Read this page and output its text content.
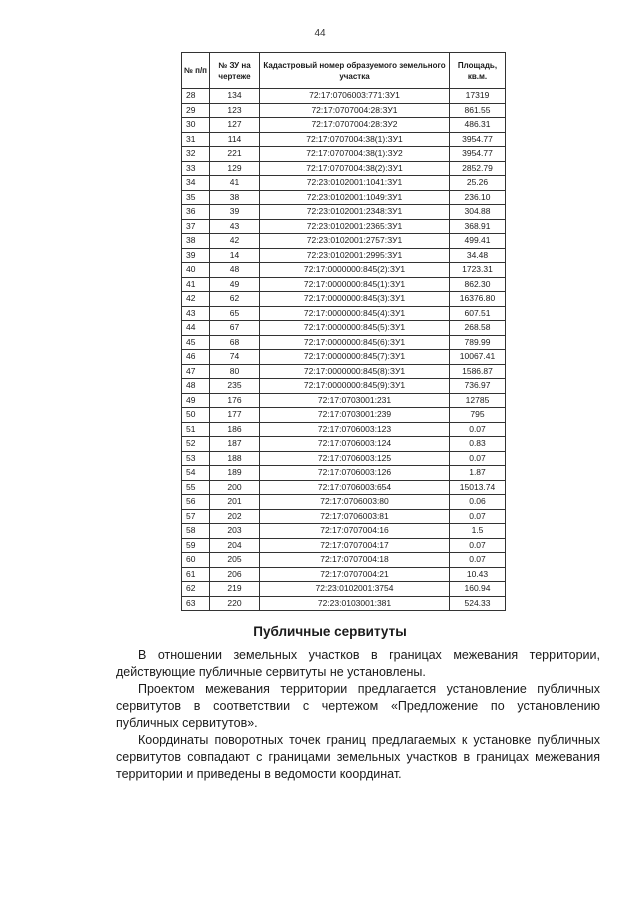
44
№ п/п	№ ЗУ на чертеже	Кадастровый номер образуемого земельного участка	Площадь, кв.м.
28	134	72:17:0706003:771:ЗУ1	17319
29	123	72:17:0707004:28:ЗУ1	861.55
30	127	72:17:0707004:28:ЗУ2	486.31
31	114	72:17:0707004:38(1):ЗУ1	3954.77
32	221	72:17:0707004:38(1):ЗУ2	3954.77
33	129	72:17:0707004:38(2):ЗУ1	2852.79
34	41	72:23:0102001:1041:ЗУ1	25.26
35	38	72:23:0102001:1049:ЗУ1	236.10
36	39	72:23:0102001:2348:ЗУ1	304.88
37	43	72:23:0102001:2365:ЗУ1	368.91
38	42	72:23:0102001:2757:ЗУ1	499.41
39	14	72:23:0102001:2995:ЗУ1	34.48
40	48	72:17:0000000:845(2):ЗУ1	1723.31
41	49	72:17:0000000:845(1):ЗУ1	862.30
42	62	72:17:0000000:845(3):ЗУ1	16376.80
43	65	72:17:0000000:845(4):ЗУ1	607.51
44	67	72:17:0000000:845(5):ЗУ1	268.58
45	68	72:17:0000000:845(6):ЗУ1	789.99
46	74	72:17:0000000:845(7):ЗУ1	10067.41
47	80	72:17:0000000:845(8):ЗУ1	1586.87
48	235	72:17:0000000:845(9):ЗУ1	736.97
49	176	72:17:0703001:231	12785
50	177	72:17:0703001:239	795
51	186	72:17:0706003:123	0.07
52	187	72:17:0706003:124	0.83
53	188	72:17:0706003:125	0.07
54	189	72:17:0706003:126	1.87
55	200	72:17:0706003:654	15013.74
56	201	72:17:0706003:80	0.06
57	202	72:17:0706003:81	0.07
58	203	72:17:0707004:16	1.5
59	204	72:17:0707004:17	0.07
60	205	72:17:0707004:18	0.07
61	206	72:17:0707004:21	10.43
62	219	72:23:0102001:3754	160.94
63	220	72:23:0103001:381	524.33
Публичные сервитуты

В отношении земельных участков в границах межевания территории, действующие публичные сервитуты не установлены.

Проектом межевания территории предлагается установление публичных сервитутов в соответствии с чертежом «Предложение по установлению публичных сервитутов».

Координаты поворотных точек границ предлагаемых к установке публичных сервитутов совпадают с границами земельных участков в границах межевания территории и приведены в ведомости координат.
